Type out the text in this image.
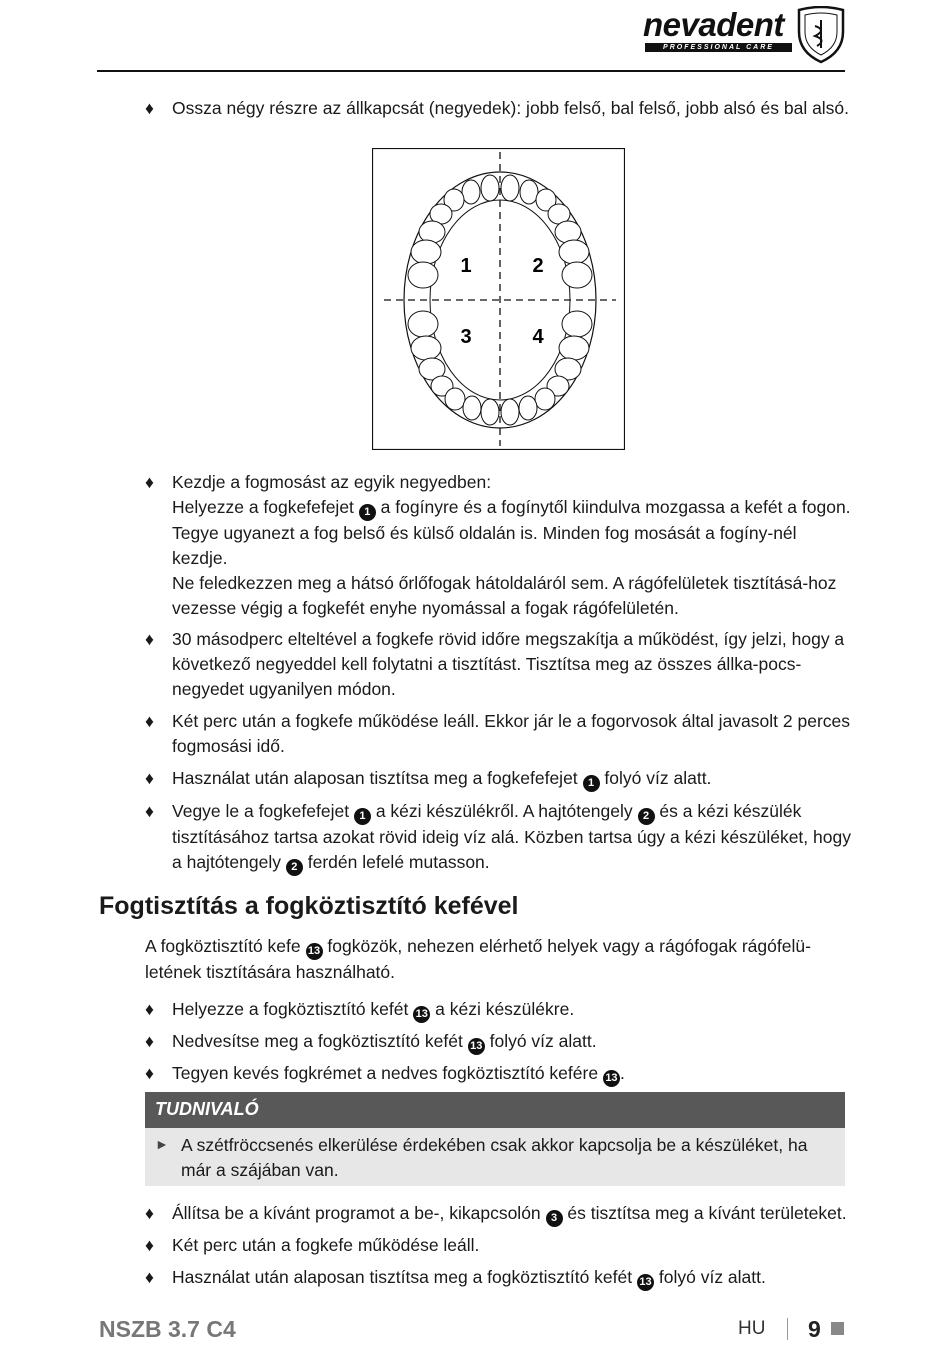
nevadent
PROFESSIONAL CARE
♦	Ossza négy részre az állkapcsát (negyedek): jobb felső, bal felső, jobb alsó és bal alsó.
1	2
3	4
♦	Kezdje a fogmosást az egyik negyedben:
Helyezze a fogkefefejet 1 a fogínyre és a fogínytől kiindulva mozgassa a kefét a fogon. Tegye ugyanezt a fog belső és külső oldalán is. Minden fog mosását a fogíny-nél kezdje.
Ne feledkezzen meg a hátsó őrlőfogak hátoldaláról sem. A rágófelületek tisztításá-hoz vezesse végig a fogkefét enyhe nyomással a fogak rágófelületén.
♦	30 másodperc elteltével a fogkefe rövid időre megszakítja a működést, így jelzi, hogy a következő negyeddel kell folytatni a tisztítást. Tisztítsa meg az összes állka-pocs-negyedet ugyanilyen módon.
♦	Két perc után a fogkefe működése leáll. Ekkor jár le a fogorvosok által javasolt 2 perces fogmosási idő.
♦	Használat után alaposan tisztítsa meg a fogkefefejet 1 folyó víz alatt.
♦	Vegye le a fogkefefejet 1 a kézi készülékről. A hajtótengely 2 és a kézi készülék tisztításához tartsa azokat rövid ideig víz alá. Közben tartsa úgy a kézi készüléket, hogy a hajtótengely 2 ferdén lefelé mutasson.
Fogtisztítás a fogköztisztító kefével
A fogköztisztító kefe 13 fogközök, nehezen elérhető helyek vagy a rágófogak rágófelü-letének tisztítására használható.
♦	Helyezze a fogköztisztító kefét 13 a kézi készülékre.
♦	Nedvesítse meg a fogköztisztító kefét 13 folyó víz alatt.
♦	Tegyen kevés fogkrémet a nedves fogköztisztító kefére 13 .
TUDNIVALÓ
► A szétfröccsenés elkerülése érdekében csak akkor kapcsolja be a készüléket, ha már a szájában van.
♦	Állítsa be a kívánt programot a be-, kikapcsolón 3 és tisztítsa meg a kívánt területeket.
♦	Két perc után a fogkefe működése leáll.
♦	Használat után alaposan tisztítsa meg a fogköztisztító kefét 13 folyó víz alatt.
NSZB 3.7 C4	HU 9
